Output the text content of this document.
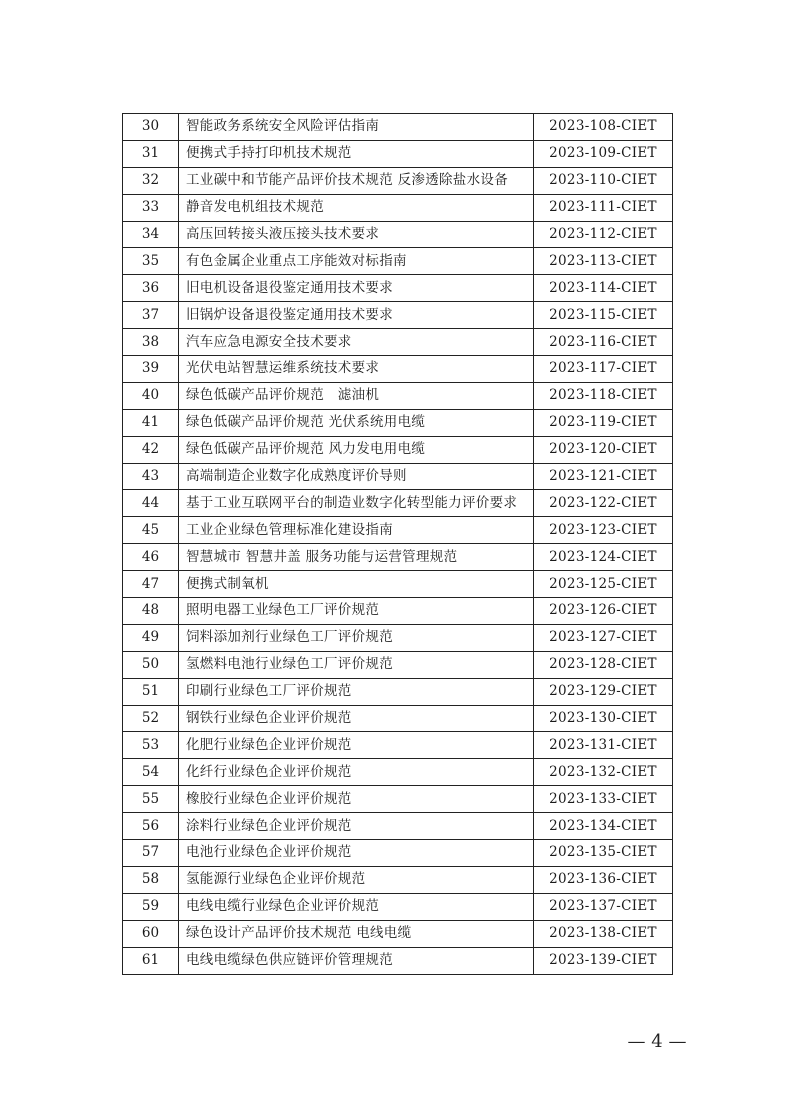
30	智能政务系统安全风险评估指南	2023-108-CIET
31	便携式手持打印机技术规范	2023-109-CIET
32	工业碳中和节能产品评价技术规范 反渗透除盐水设备	2023-110-CIET
33	静音发电机组技术规范	2023-111-CIET
34	高压回转接头液压接头技术要求	2023-112-CIET
35	有色金属企业重点工序能效对标指南	2023-113-CIET
36	旧电机设备退役鉴定通用技术要求	2023-114-CIET
37	旧锅炉设备退役鉴定通用技术要求	2023-115-CIET
38	汽车应急电源安全技术要求	2023-116-CIET
39	光伏电站智慧运维系统技术要求	2023-117-CIET
40	绿色低碳产品评价规范　滤油机	2023-118-CIET
41	绿色低碳产品评价规范 光伏系统用电缆	2023-119-CIET
42	绿色低碳产品评价规范 风力发电用电缆	2023-120-CIET
43	高端制造企业数字化成熟度评价导则	2023-121-CIET
44	基于工业互联网平台的制造业数字化转型能力评价要求	2023-122-CIET
45	工业企业绿色管理标准化建设指南	2023-123-CIET
46	智慧城市 智慧井盖 服务功能与运营管理规范	2023-124-CIET
47	便携式制氧机	2023-125-CIET
48	照明电器工业绿色工厂评价规范	2023-126-CIET
49	饲料添加剂行业绿色工厂评价规范	2023-127-CIET
50	氢燃料电池行业绿色工厂评价规范	2023-128-CIET
51	印刷行业绿色工厂评价规范	2023-129-CIET
52	钢铁行业绿色企业评价规范	2023-130-CIET
53	化肥行业绿色企业评价规范	2023-131-CIET
54	化纤行业绿色企业评价规范	2023-132-CIET
55	橡胶行业绿色企业评价规范	2023-133-CIET
56	涂料行业绿色企业评价规范	2023-134-CIET
57	电池行业绿色企业评价规范	2023-135-CIET
58	氢能源行业绿色企业评价规范	2023-136-CIET
59	电线电缆行业绿色企业评价规范	2023-137-CIET
60	绿色设计产品评价技术规范 电线电缆	2023-138-CIET
61	电线电缆绿色供应链评价管理规范	2023-139-CIET
— 4 —
